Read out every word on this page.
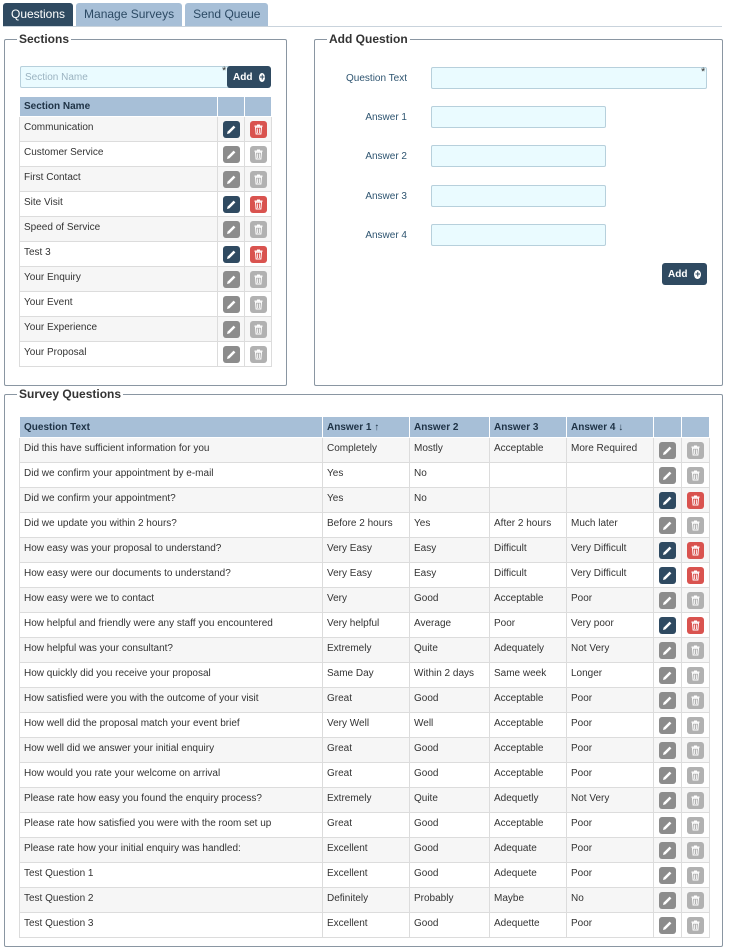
Questions	Manage Surveys	Send Queue
Sections
Section Name
* Add +
Section Name		
Communication	

Customer Service	

First Contact	

Site Visit	

Speed of Service	

Test 3	

Your Enquiry	

Your Event	

Your Experience	

Your Proposal	

Add Question
Question Text
*
Answer 1
Answer 2
Answer 3
Answer 4
Add +
Survey Questions
Question Text	Answer 1 ↑	Answer 2	Answer 3	Answer 4 ↓		
Did this have sufficient information for you	Completely	Mostly	Acceptable	More Required	

Did we confirm your appointment by e-mail	Yes	No			

Did we confirm your appointment?	Yes	No			

Did we update you within 2 hours?	Before 2 hours	Yes	After 2 hours	Much later	

How easy was your proposal to understand?	Very Easy	Easy	Difficult	Very Difficult	

How easy were our documents to understand?	Very Easy	Easy	Difficult	Very Difficult	

How easy were we to contact	Very	Good	Acceptable	Poor	

How helpful and friendly were any staff you encountered	Very helpful	Average	Poor	Very poor	

How helpful was your consultant?	Extremely	Quite	Adequately	Not Very	

How quickly did you receive your proposal	Same Day	Within 2 days	Same week	Longer	

How satisfied were you with the outcome of your visit	Great	Good	Acceptable	Poor	

How well did the proposal match your event brief	Very Well	Well	Acceptable	Poor	

How well did we answer your initial enquiry	Great	Good	Acceptable	Poor	

How would you rate your welcome on arrival	Great	Good	Acceptable	Poor	

Please rate how easy you found the enquiry process?	Extremely	Quite	Adequetly	Not Very	

Please rate how satisfied you were with the room set up	Great	Good	Acceptable	Poor	

Please rate how your initial enquiry was handled:	Excellent	Good	Adequate	Poor	

Test Question 1	Excellent	Good	Adequete	Poor	

Test Question 2	Definitely	Probably	Maybe	No	

Test Question 3	Excellent	Good	Adequette	Poor	
